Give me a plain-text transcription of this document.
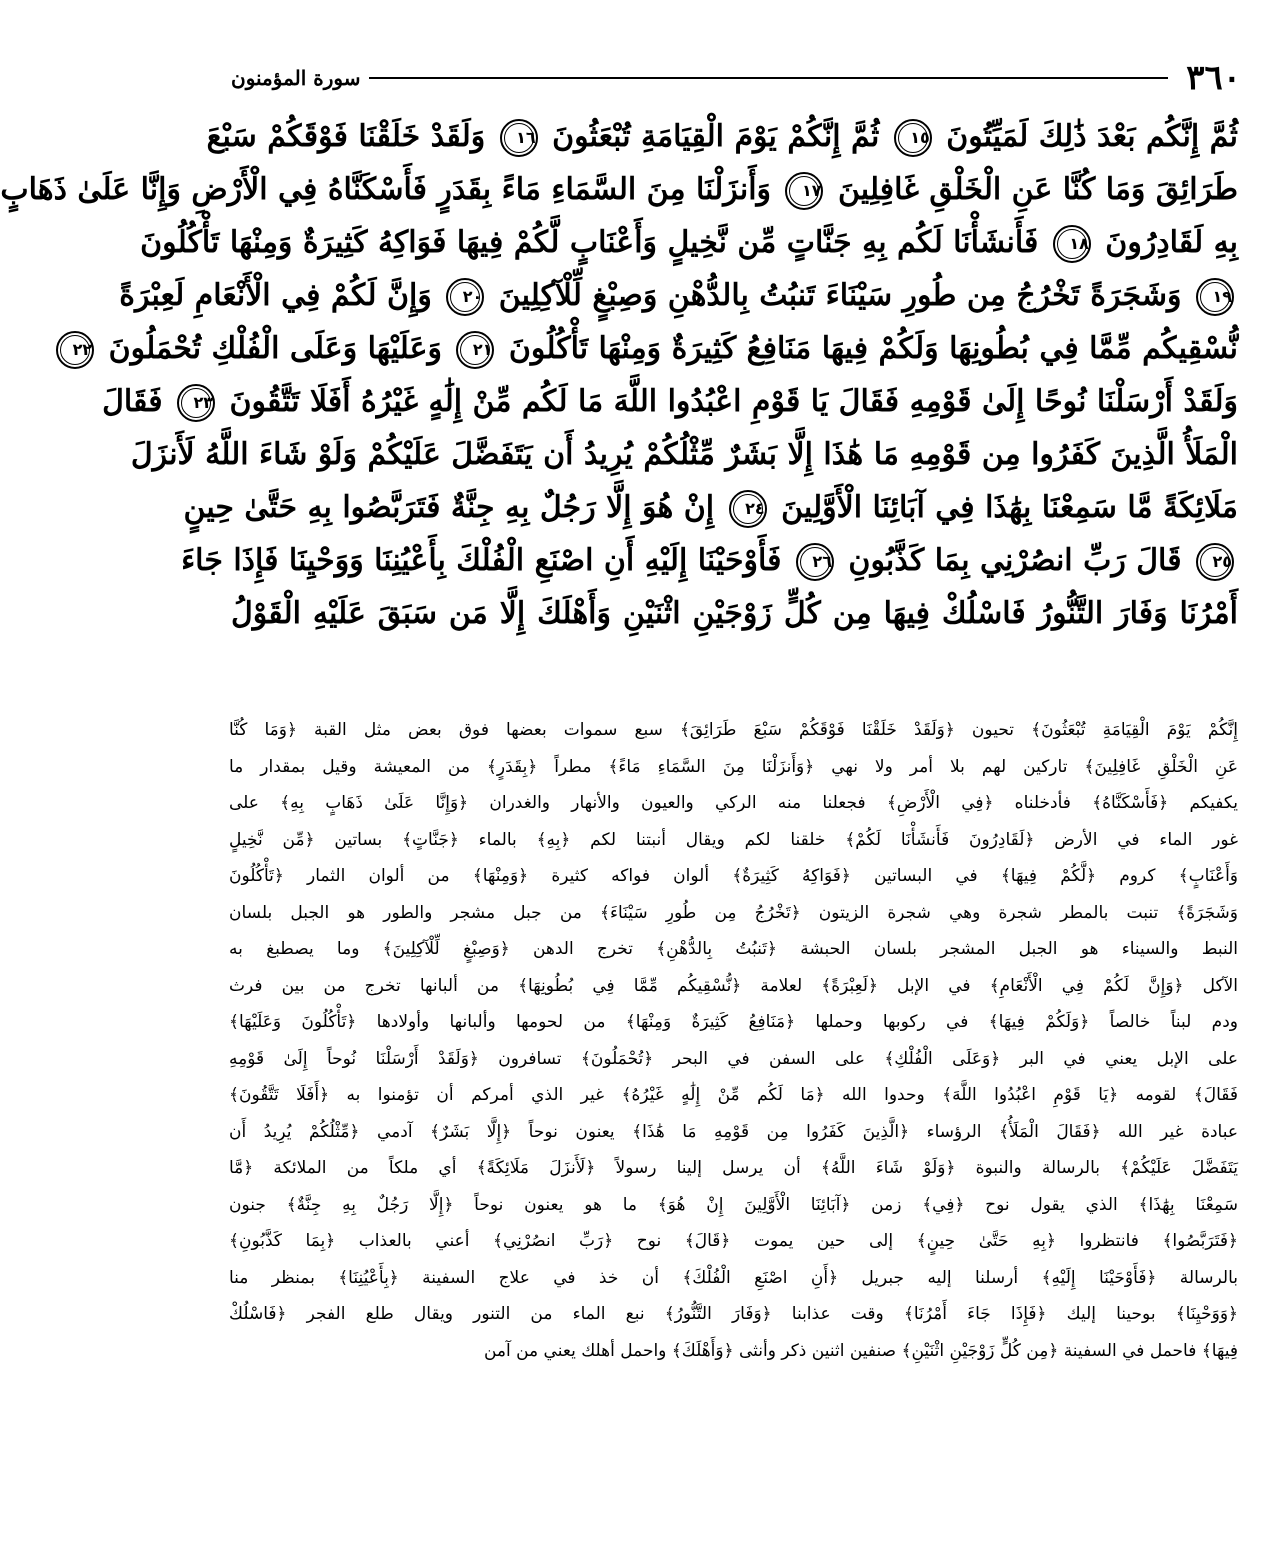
٣٦٠
سورة المؤمنون
ثُمَّ إِنَّكُم بَعْدَ ذَٰلِكَ لَمَيِّتُونَ ١٥ ثُمَّ إِنَّكُمْ يَوْمَ الْقِيَامَةِ تُبْعَثُونَ ١٦ وَلَقَدْ خَلَقْنَا فَوْقَكُمْ سَبْعَ
طَرَائِقَ وَمَا كُنَّا عَنِ الْخَلْقِ غَافِلِينَ ١٧ وَأَنزَلْنَا مِنَ السَّمَاءِ مَاءً بِقَدَرٍ فَأَسْكَنَّاهُ فِي الْأَرْضِ وَإِنَّا عَلَىٰ ذَهَابٍ
بِهِ لَقَادِرُونَ ١٨ فَأَنشَأْنَا لَكُم بِهِ جَنَّاتٍ مِّن نَّخِيلٍ وَأَعْنَابٍ لَّكُمْ فِيهَا فَوَاكِهُ كَثِيرَةٌ وَمِنْهَا تَأْكُلُونَ
١٩ وَشَجَرَةً تَخْرُجُ مِن طُورِ سَيْنَاءَ تَنبُتُ بِالدُّهْنِ وَصِبْغٍ لِّلْآكِلِينَ ٢٠ وَإِنَّ لَكُمْ فِي الْأَنْعَامِ لَعِبْرَةً
نُّسْقِيكُم مِّمَّا فِي بُطُونِهَا وَلَكُمْ فِيهَا مَنَافِعُ كَثِيرَةٌ وَمِنْهَا تَأْكُلُونَ ٢١ وَعَلَيْهَا وَعَلَى الْفُلْكِ تُحْمَلُونَ ٢٢
وَلَقَدْ أَرْسَلْنَا نُوحًا إِلَىٰ قَوْمِهِ فَقَالَ يَا قَوْمِ اعْبُدُوا اللَّهَ مَا لَكُم مِّنْ إِلَٰهٍ غَيْرُهُ أَفَلَا تَتَّقُونَ ٢٣ فَقَالَ
الْمَلَأُ الَّذِينَ كَفَرُوا مِن قَوْمِهِ مَا هَٰذَا إِلَّا بَشَرٌ مِّثْلُكُمْ يُرِيدُ أَن يَتَفَضَّلَ عَلَيْكُمْ وَلَوْ شَاءَ اللَّهُ لَأَنزَلَ
مَلَائِكَةً مَّا سَمِعْنَا بِهَٰذَا فِي آبَائِنَا الْأَوَّلِينَ ٢٤ إِنْ هُوَ إِلَّا رَجُلٌ بِهِ جِنَّةٌ فَتَرَبَّصُوا بِهِ حَتَّىٰ حِينٍ
٢٥ قَالَ رَبِّ انصُرْنِي بِمَا كَذَّبُونِ ٢٦ فَأَوْحَيْنَا إِلَيْهِ أَنِ اصْنَعِ الْفُلْكَ بِأَعْيُنِنَا وَوَحْيِنَا فَإِذَا جَاءَ
أَمْرُنَا وَفَارَ التَّنُّورُ فَاسْلُكْ فِيهَا مِن كُلٍّ زَوْجَيْنِ اثْنَيْنِ وَأَهْلَكَ إِلَّا مَن سَبَقَ عَلَيْهِ الْقَوْلُ
إِنَّكُمْ يَوْمَ الْقِيَامَةِ تُبْعَثُونَ﴾ تحيون ﴿وَلَقَدْ خَلَقْنَا فَوْقَكُمْ سَبْعَ طَرَائِقَ﴾ سبع سموات بعضها فوق بعض مثل القبة ﴿وَمَا كُنَّا
عَنِ الْخَلْقِ غَافِلِينَ﴾ تاركين لهم بلا أمر ولا نهي ﴿وَأَنزَلْنَا مِنَ السَّمَاءِ مَاءً﴾ مطراً ﴿بِقَدَرٍ﴾ من المعيشة وقيل بمقدار ما
يكفيكم ﴿فَأَسْكَنَّاهُ﴾ فأدخلناه ﴿فِي الْأَرْضِ﴾ فجعلنا منه الركي والعيون والأنهار والغدران ﴿وَإِنَّا عَلَىٰ ذَهَابٍ بِهِ﴾ على
غور الماء في الأرض ﴿لَقَادِرُونَ فَأَنشَأْنَا لَكُمْ﴾ خلقنا لكم ويقال أنبتنا لكم ﴿بِهِ﴾ بالماء ﴿جَنَّاتٍ﴾ بساتين ﴿مِّن نَّخِيلٍ
وَأَعْنَابٍ﴾ كروم ﴿لَّكُمْ فِيهَا﴾ في البساتين ﴿فَوَاكِهُ كَثِيرَةٌ﴾ ألوان فواكه كثيرة ﴿وَمِنْهَا﴾ من ألوان الثمار ﴿تَأْكُلُونَ
وَشَجَرَةً﴾ تنبت بالمطر شجرة وهي شجرة الزيتون ﴿تَخْرُجُ مِن طُورِ سَيْنَاءَ﴾ من جبل مشجر والطور هو الجبل بلسان
النبط والسيناء هو الجبل المشجر بلسان الحبشة ﴿تَنبُتُ بِالدُّهْنِ﴾ تخرج الدهن ﴿وَصِبْغٍ لِّلْآكِلِينَ﴾ وما يصطبغ به
الآكل ﴿وَإِنَّ لَكُمْ فِي الْأَنْعَامِ﴾ في الإبل ﴿لَعِبْرَةً﴾ لعلامة ﴿نُّسْقِيكُم مِّمَّا فِي بُطُونِهَا﴾ من ألبانها تخرج من بين فرث
ودم لبناً خالصاً ﴿وَلَكُمْ فِيهَا﴾ في ركوبها وحملها ﴿مَنَافِعُ كَثِيرَةٌ وَمِنْهَا﴾ من لحومها وألبانها وأولادها ﴿تَأْكُلُونَ وَعَلَيْهَا﴾
على الإبل يعني في البر ﴿وَعَلَى الْفُلْكِ﴾ على السفن في البحر ﴿تُحْمَلُونَ﴾ تسافرون ﴿وَلَقَدْ أَرْسَلْنَا نُوحاً إِلَىٰ قَوْمِهِ
فَقَالَ﴾ لقومه ﴿يَا قَوْمِ اعْبُدُوا اللَّهَ﴾ وحدوا الله ﴿مَا لَكُم مِّنْ إِلَٰهٍ غَيْرُهُ﴾ غير الذي أمركم أن تؤمنوا به ﴿أَفَلَا تَتَّقُونَ﴾
عبادة غير الله ﴿فَقَالَ الْمَلَأُ﴾ الرؤساء ﴿الَّذِينَ كَفَرُوا مِن قَوْمِهِ مَا هَٰذَا﴾ يعنون نوحاً ﴿إِلَّا بَشَرٌ﴾ آدمي ﴿مِّثْلُكُمْ يُرِيدُ أَن
يَتَفَضَّلَ عَلَيْكُمْ﴾ بالرسالة والنبوة ﴿وَلَوْ شَاءَ اللَّهُ﴾ أن يرسل إلينا رسولاً ﴿لَأَنزَلَ مَلَائِكَةً﴾ أي ملكاً من الملائكة ﴿مَّا
سَمِعْنَا بِهَٰذَا﴾ الذي يقول نوح ﴿فِي﴾ زمن ﴿آبَائِنَا الْأَوَّلِينَ إِنْ هُوَ﴾ ما هو يعنون نوحاً ﴿إِلَّا رَجُلٌ بِهِ جِنَّةٌ﴾ جنون
﴿فَتَرَبَّصُوا﴾ فانتظروا ﴿بِهِ حَتَّىٰ حِينٍ﴾ إلى حين يموت ﴿قَالَ﴾ نوح ﴿رَبِّ انصُرْنِي﴾ أعني بالعذاب ﴿بِمَا كَذَّبُونِ﴾
بالرسالة ﴿فَأَوْحَيْنَا إِلَيْهِ﴾ أرسلنا إليه جبريل ﴿أَنِ اصْنَعِ الْفُلْكَ﴾ أن خذ في علاج السفينة ﴿بِأَعْيُنِنَا﴾ بمنظر منا
﴿وَوَحْيِنَا﴾ بوحينا إليك ﴿فَإِذَا جَاءَ أَمْرُنَا﴾ وقت عذابنا ﴿وَفَارَ التَّنُّورُ﴾ نبع الماء من التنور ويقال طلع الفجر ﴿فَاسْلُكْ
فِيهَا﴾ فاحمل في السفينة ﴿مِن كُلٍّ زَوْجَيْنِ اثْنَيْنِ﴾ صنفين اثنين ذكر وأنثى ﴿وَأَهْلَكَ﴾ واحمل أهلك يعني من آمن
